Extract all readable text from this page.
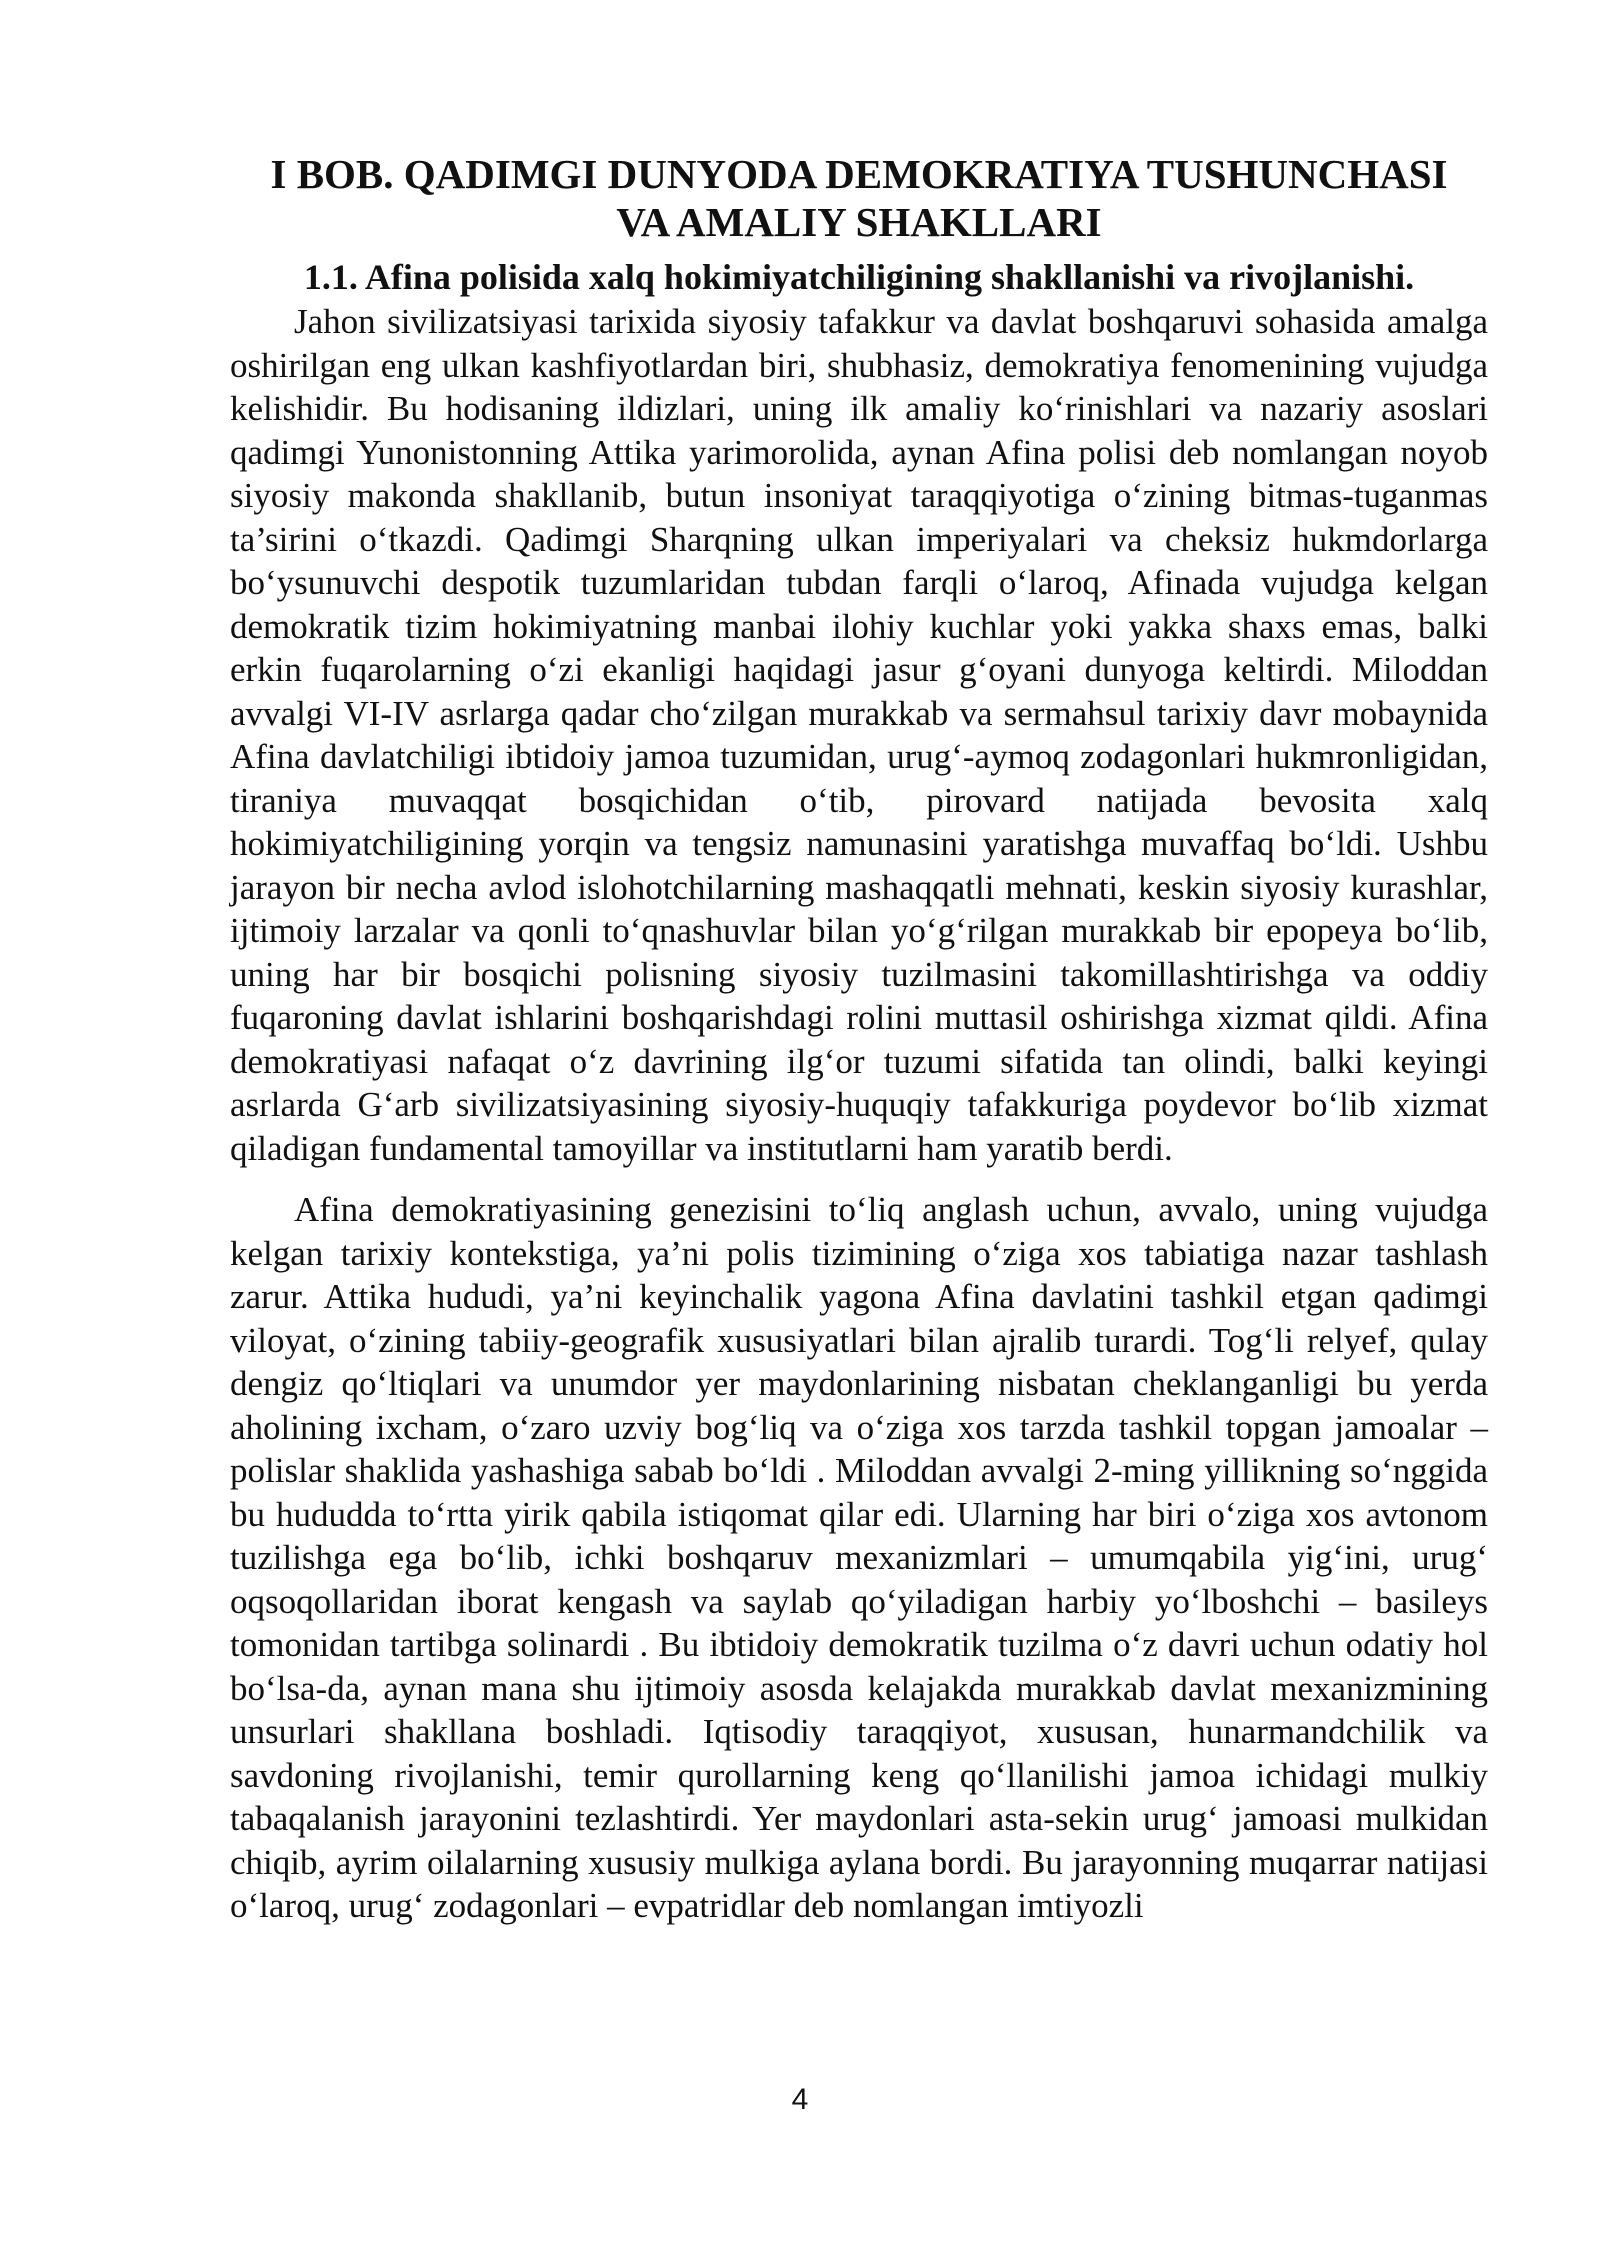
I BOB. QADIMGI DUNYODA DEMOKRATIYA TUSHUNCHASI
VA AMALIY SHAKLLARI
1.1. Afina polisida xalq hokimiyatchiligining shakllanishi va rivojlanishi.

Jahon sivilizatsiyasi tarixida siyosiy tafakkur va davlat boshqaruvi sohasida amalga oshirilgan eng ulkan kashfiyotlardan biri, shubhasiz, demokratiya fenomenining vujudga kelishidir. Bu hodisaning ildizlari, uning ilk amaliy ko‘rinishlari va nazariy asoslari qadimgi Yunonistonning Attika yarimorolida, aynan Afina polisi deb nomlangan noyob siyosiy makonda shakllanib, butun insoniyat taraqqiyotiga o‘zining bitmas-tuganmas ta’sirini o‘tkazdi. Qadimgi Sharqning ulkan imperiyalari va cheksiz hukmdorlarga bo‘ysunuvchi despotik tuzumlaridan tubdan farqli o‘laroq, Afinada vujudga kelgan demokratik tizim hokimiyatning manbai ilohiy kuchlar yoki yakka shaxs emas, balki erkin fuqarolarning o‘zi ekanligi haqidagi jasur g‘oyani dunyoga keltirdi. Miloddan avvalgi VI-IV asrlarga qadar cho‘zilgan murakkab va sermahsul tarixiy davr mobaynida Afina davlatchiligi ibtidoiy jamoa tuzumidan, urug‘-aymoq zodagonlari hukmronligidan, tiraniya muvaqqat bosqichidan o‘tib, pirovard natijada bevosita xalq hokimiyatchiligining yorqin va tengsiz namunasini yaratishga muvaffaq bo‘ldi. Ushbu jarayon bir necha avlod islohotchilarning mashaqqatli mehnati, keskin siyosiy kurashlar, ijtimoiy larzalar va qonli to‘qnashuvlar bilan yo‘g‘rilgan murakkab bir epopeya bo‘lib, uning har bir bosqichi polisning siyosiy tuzilmasini takomillashtirishga va oddiy fuqaroning davlat ishlarini boshqarishdagi rolini muttasil oshirishga xizmat qildi. Afina demokratiyasi nafaqat o‘z davrining ilg‘or tuzumi sifatida tan olindi, balki keyingi asrlarda G‘arb sivilizatsiyasining siyosiy-huquqiy tafakkuriga poydevor bo‘lib xizmat qiladigan fundamental tamoyillar va institutlarni ham yaratib berdi.

Afina demokratiyasining genezisini to‘liq anglash uchun, avvalo, uning vujudga kelgan tarixiy kontekstiga, ya’ni polis tizimining o‘ziga xos tabiatiga nazar tashlash zarur. Attika hududi, ya’ni keyinchalik yagona Afina davlatini tashkil etgan qadimgi viloyat, o‘zining tabiiy-geografik xususiyatlari bilan ajralib turardi. Tog‘li relyef, qulay dengiz qo‘ltiqlari va unumdor yer maydonlarining nisbatan cheklanganligi bu yerda aholining ixcham, o‘zaro uzviy bog‘liq va o‘ziga xos tarzda tashkil topgan jamoalar – polislar shaklida yashashiga sabab bo‘ldi . Miloddan avvalgi 2-ming yillikning so‘nggida bu hududda to‘rtta yirik qabila istiqomat qilar edi. Ularning har biri o‘ziga xos avtonom tuzilishga ega bo‘lib, ichki boshqaruv mexanizmlari – umumqabila yig‘ini, urug‘ oqsoqollaridan iborat kengash va saylab qo‘yiladigan harbiy yo‘lboshchi – basileys tomonidan tartibga solinardi . Bu ibtidoiy demokratik tuzilma o‘z davri uchun odatiy hol bo‘lsa-da, aynan mana shu ijtimoiy asosda kelajakda murakkab davlat mexanizmining unsurlari shakllana boshladi. Iqtisodiy taraqqiyot, xususan, hunarmandchilik va savdoning rivojlanishi, temir qurollarning keng qo‘llanilishi jamoa ichidagi mulkiy tabaqalanish jarayonini tezlashtirdi. Yer maydonlari asta-sekin urug‘ jamoasi mulkidan chiqib, ayrim oilalarning xususiy mulkiga aylana bordi. Bu jarayonning muqarrar natijasi o‘laroq, urug‘ zodagonlari – evpatridlar deb nomlangan imtiyozli

4
